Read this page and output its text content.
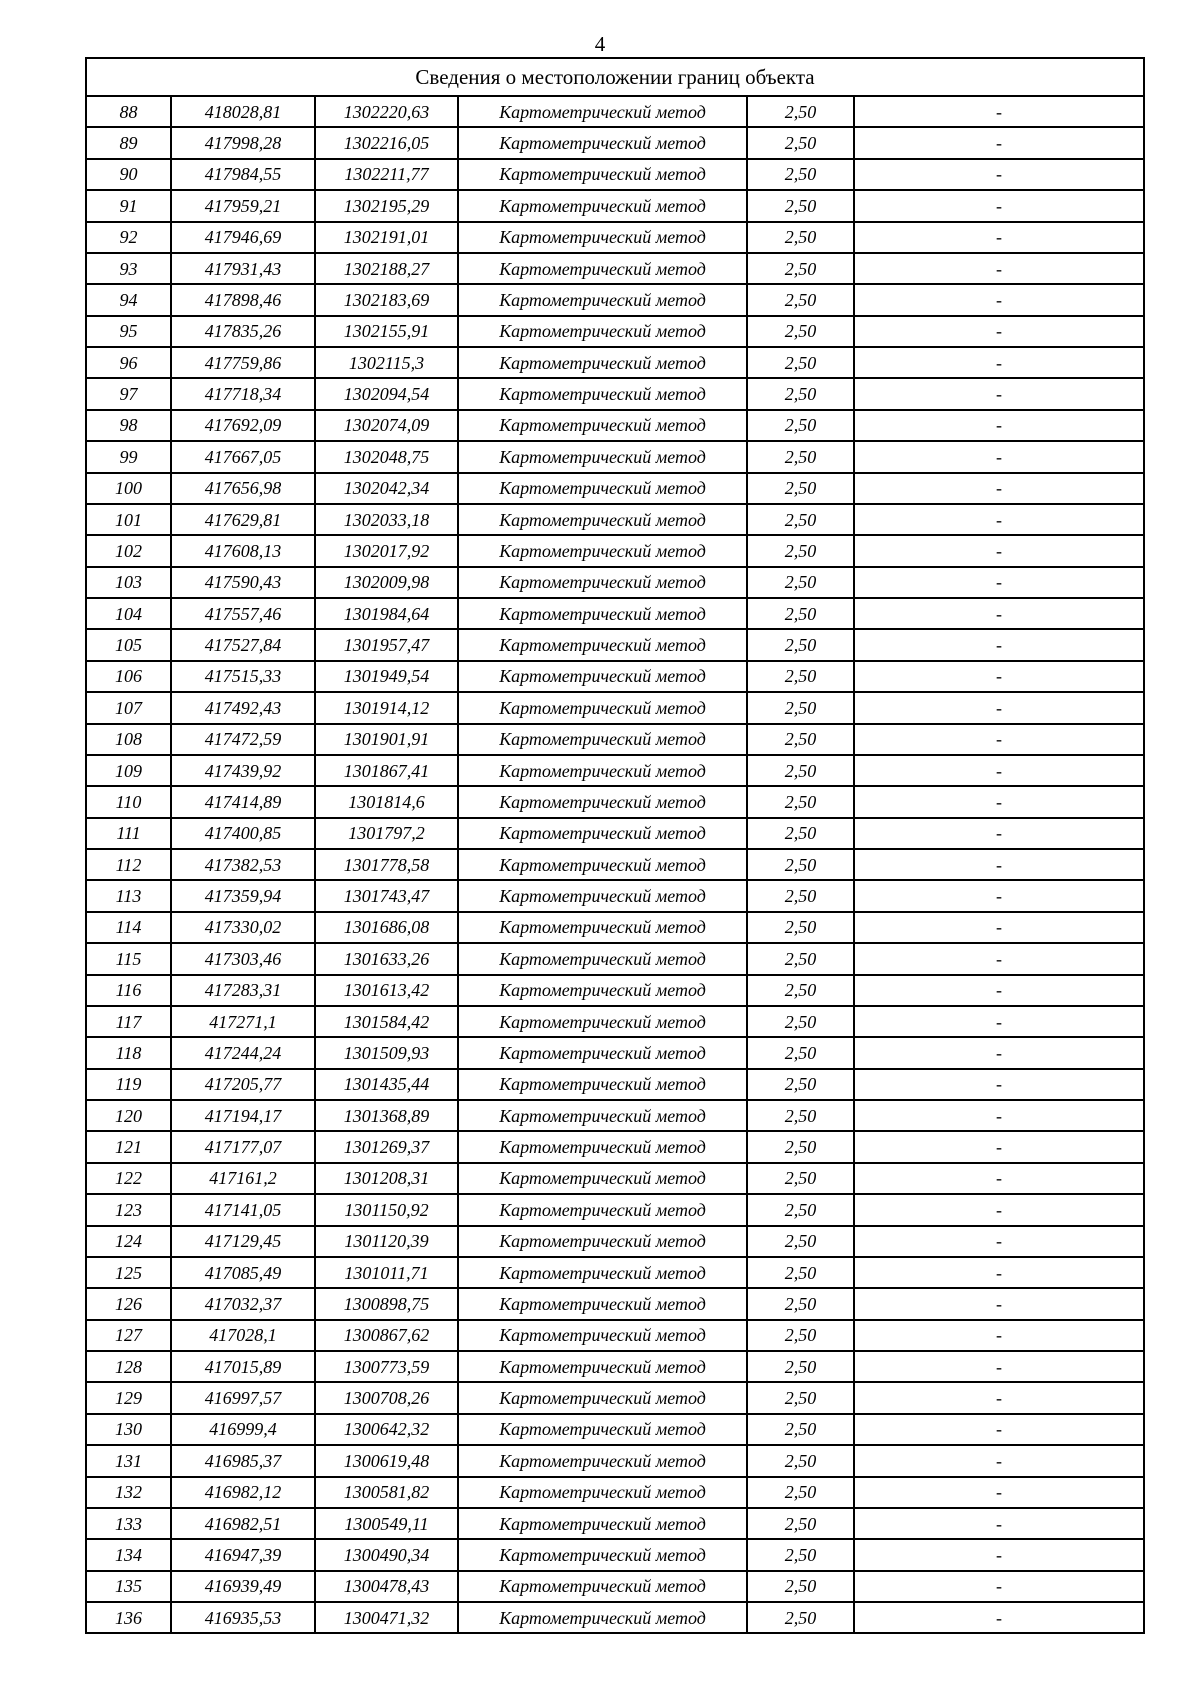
4
Сведения о местоположении границ объекта					
88	418028,81	1302220,63	Картометрический метод	2,50	-
89	417998,28	1302216,05	Картометрический метод	2,50	-
90	417984,55	1302211,77	Картометрический метод	2,50	-
91	417959,21	1302195,29	Картометрический метод	2,50	-
92	417946,69	1302191,01	Картометрический метод	2,50	-
93	417931,43	1302188,27	Картометрический метод	2,50	-
94	417898,46	1302183,69	Картометрический метод	2,50	-
95	417835,26	1302155,91	Картометрический метод	2,50	-
96	417759,86	1302115,3	Картометрический метод	2,50	-
97	417718,34	1302094,54	Картометрический метод	2,50	-
98	417692,09	1302074,09	Картометрический метод	2,50	-
99	417667,05	1302048,75	Картометрический метод	2,50	-
100	417656,98	1302042,34	Картометрический метод	2,50	-
101	417629,81	1302033,18	Картометрический метод	2,50	-
102	417608,13	1302017,92	Картометрический метод	2,50	-
103	417590,43	1302009,98	Картометрический метод	2,50	-
104	417557,46	1301984,64	Картометрический метод	2,50	-
105	417527,84	1301957,47	Картометрический метод	2,50	-
106	417515,33	1301949,54	Картометрический метод	2,50	-
107	417492,43	1301914,12	Картометрический метод	2,50	-
108	417472,59	1301901,91	Картометрический метод	2,50	-
109	417439,92	1301867,41	Картометрический метод	2,50	-
110	417414,89	1301814,6	Картометрический метод	2,50	-
111	417400,85	1301797,2	Картометрический метод	2,50	-
112	417382,53	1301778,58	Картометрический метод	2,50	-
113	417359,94	1301743,47	Картометрический метод	2,50	-
114	417330,02	1301686,08	Картометрический метод	2,50	-
115	417303,46	1301633,26	Картометрический метод	2,50	-
116	417283,31	1301613,42	Картометрический метод	2,50	-
117	417271,1	1301584,42	Картометрический метод	2,50	-
118	417244,24	1301509,93	Картометрический метод	2,50	-
119	417205,77	1301435,44	Картометрический метод	2,50	-
120	417194,17	1301368,89	Картометрический метод	2,50	-
121	417177,07	1301269,37	Картометрический метод	2,50	-
122	417161,2	1301208,31	Картометрический метод	2,50	-
123	417141,05	1301150,92	Картометрический метод	2,50	-
124	417129,45	1301120,39	Картометрический метод	2,50	-
125	417085,49	1301011,71	Картометрический метод	2,50	-
126	417032,37	1300898,75	Картометрический метод	2,50	-
127	417028,1	1300867,62	Картометрический метод	2,50	-
128	417015,89	1300773,59	Картометрический метод	2,50	-
129	416997,57	1300708,26	Картометрический метод	2,50	-
130	416999,4	1300642,32	Картометрический метод	2,50	-
131	416985,37	1300619,48	Картометрический метод	2,50	-
132	416982,12	1300581,82	Картометрический метод	2,50	-
133	416982,51	1300549,11	Картометрический метод	2,50	-
134	416947,39	1300490,34	Картометрический метод	2,50	-
135	416939,49	1300478,43	Картометрический метод	2,50	-
136	416935,53	1300471,32	Картометрический метод	2,50	-
